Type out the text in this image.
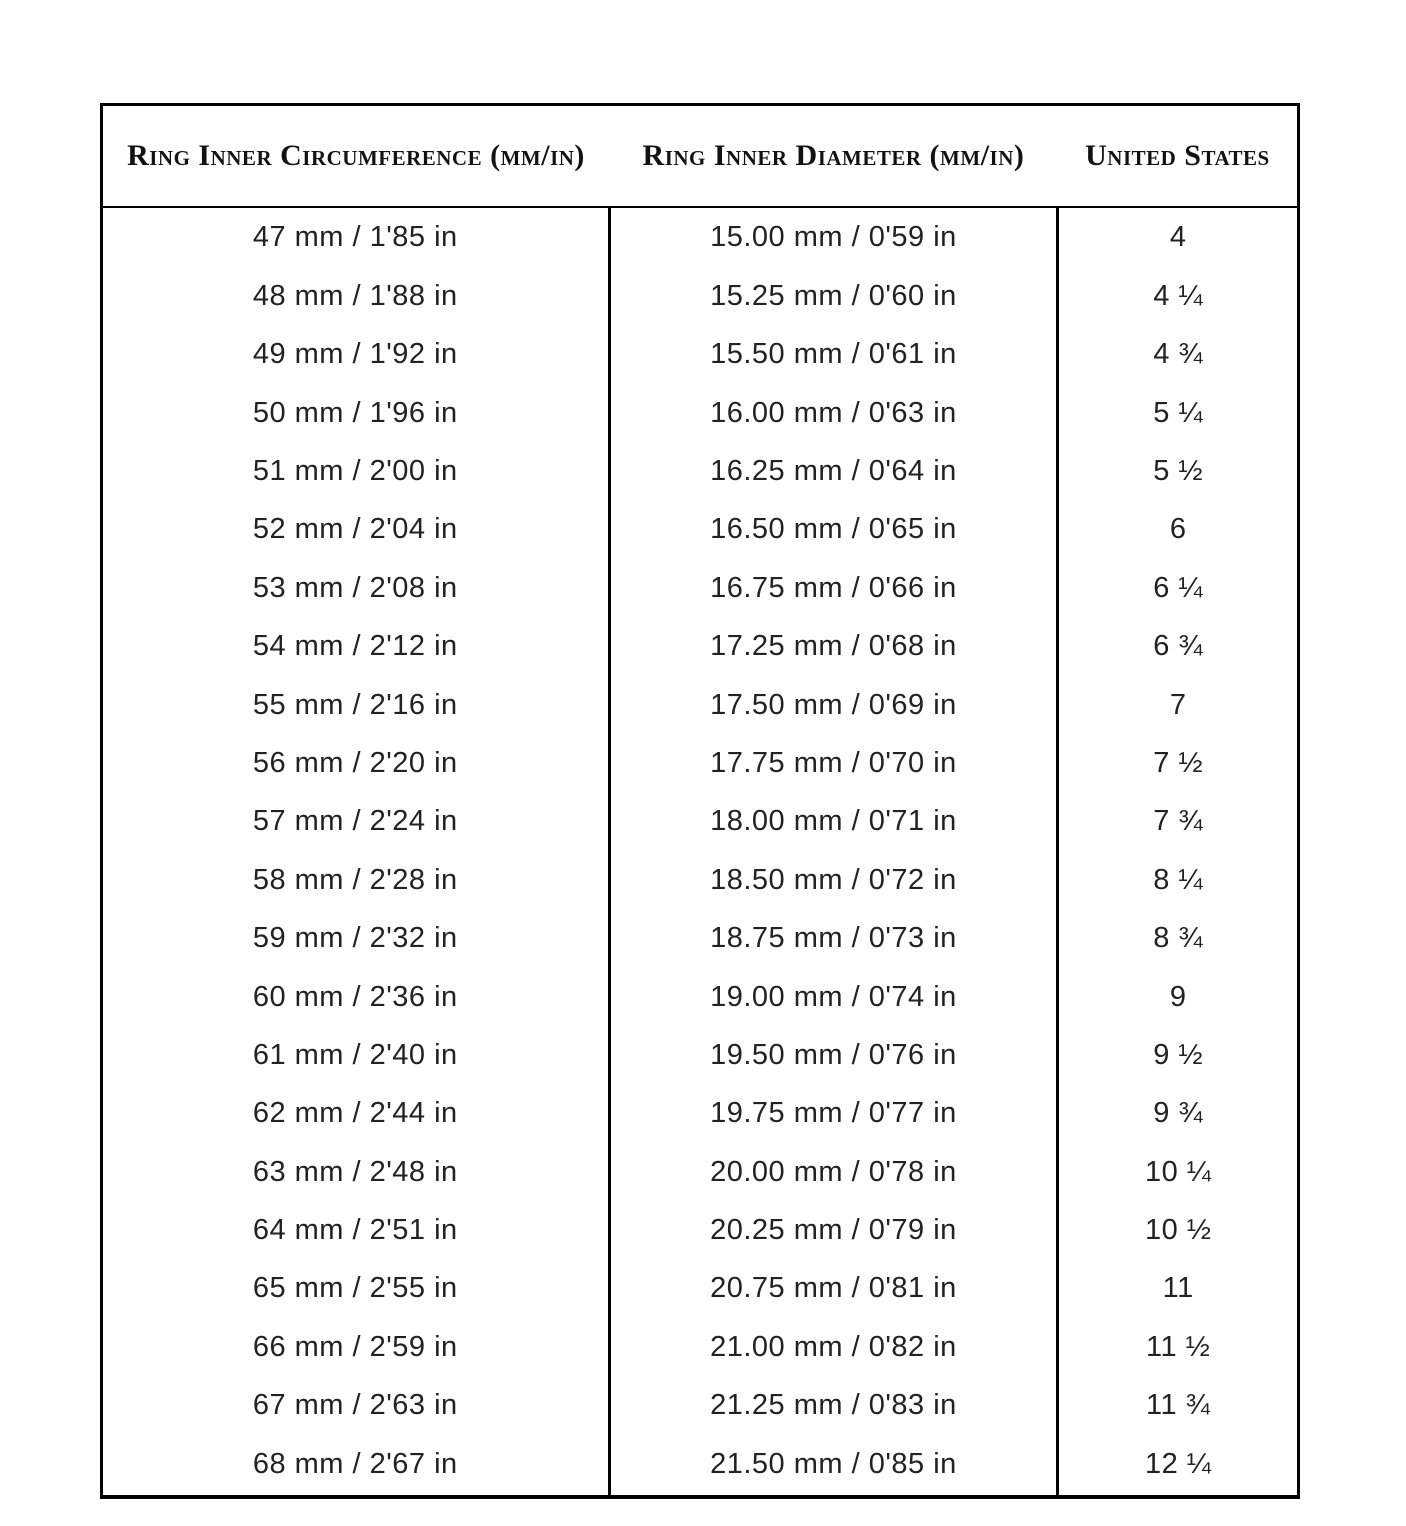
Ring Inner Circumference (mm/in)	Ring Inner Diameter (mm/in)	United States
47 mm / 1'85 in	15.00 mm / 0'59 in	4
48 mm / 1'88 in	15.25 mm / 0'60 in	4 ¼
49 mm / 1'92 in	15.50 mm / 0'61 in	4 ¾
50 mm / 1'96 in	16.00 mm / 0'63 in	5 ¼
51 mm / 2'00 in	16.25 mm / 0'64 in	5 ½
52 mm / 2'04 in	16.50 mm / 0'65 in	6
53 mm / 2'08 in	16.75 mm / 0'66 in	6 ¼
54 mm / 2'12 in	17.25 mm / 0'68 in	6 ¾
55 mm / 2'16 in	17.50 mm / 0'69 in	7
56 mm / 2'20 in	17.75 mm / 0'70 in	7 ½
57 mm / 2'24 in	18.00 mm / 0'71 in	7 ¾
58 mm / 2'28 in	18.50 mm / 0'72 in	8 ¼
59 mm / 2'32 in	18.75 mm / 0'73 in	8 ¾
60 mm / 2'36 in	19.00 mm / 0'74 in	9
61 mm / 2'40 in	19.50 mm / 0'76 in	9 ½
62 mm / 2'44 in	19.75 mm / 0'77 in	9 ¾
63 mm / 2'48 in	20.00 mm / 0'78 in	10 ¼
64 mm / 2'51 in	20.25 mm / 0'79 in	10 ½
65 mm / 2'55 in	20.75 mm / 0'81 in	11
66 mm / 2'59 in	21.00 mm / 0'82 in	11 ½
67 mm / 2'63 in	21.25 mm / 0'83 in	11 ¾
68 mm / 2'67 in	21.50 mm / 0'85 in	12 ¼
